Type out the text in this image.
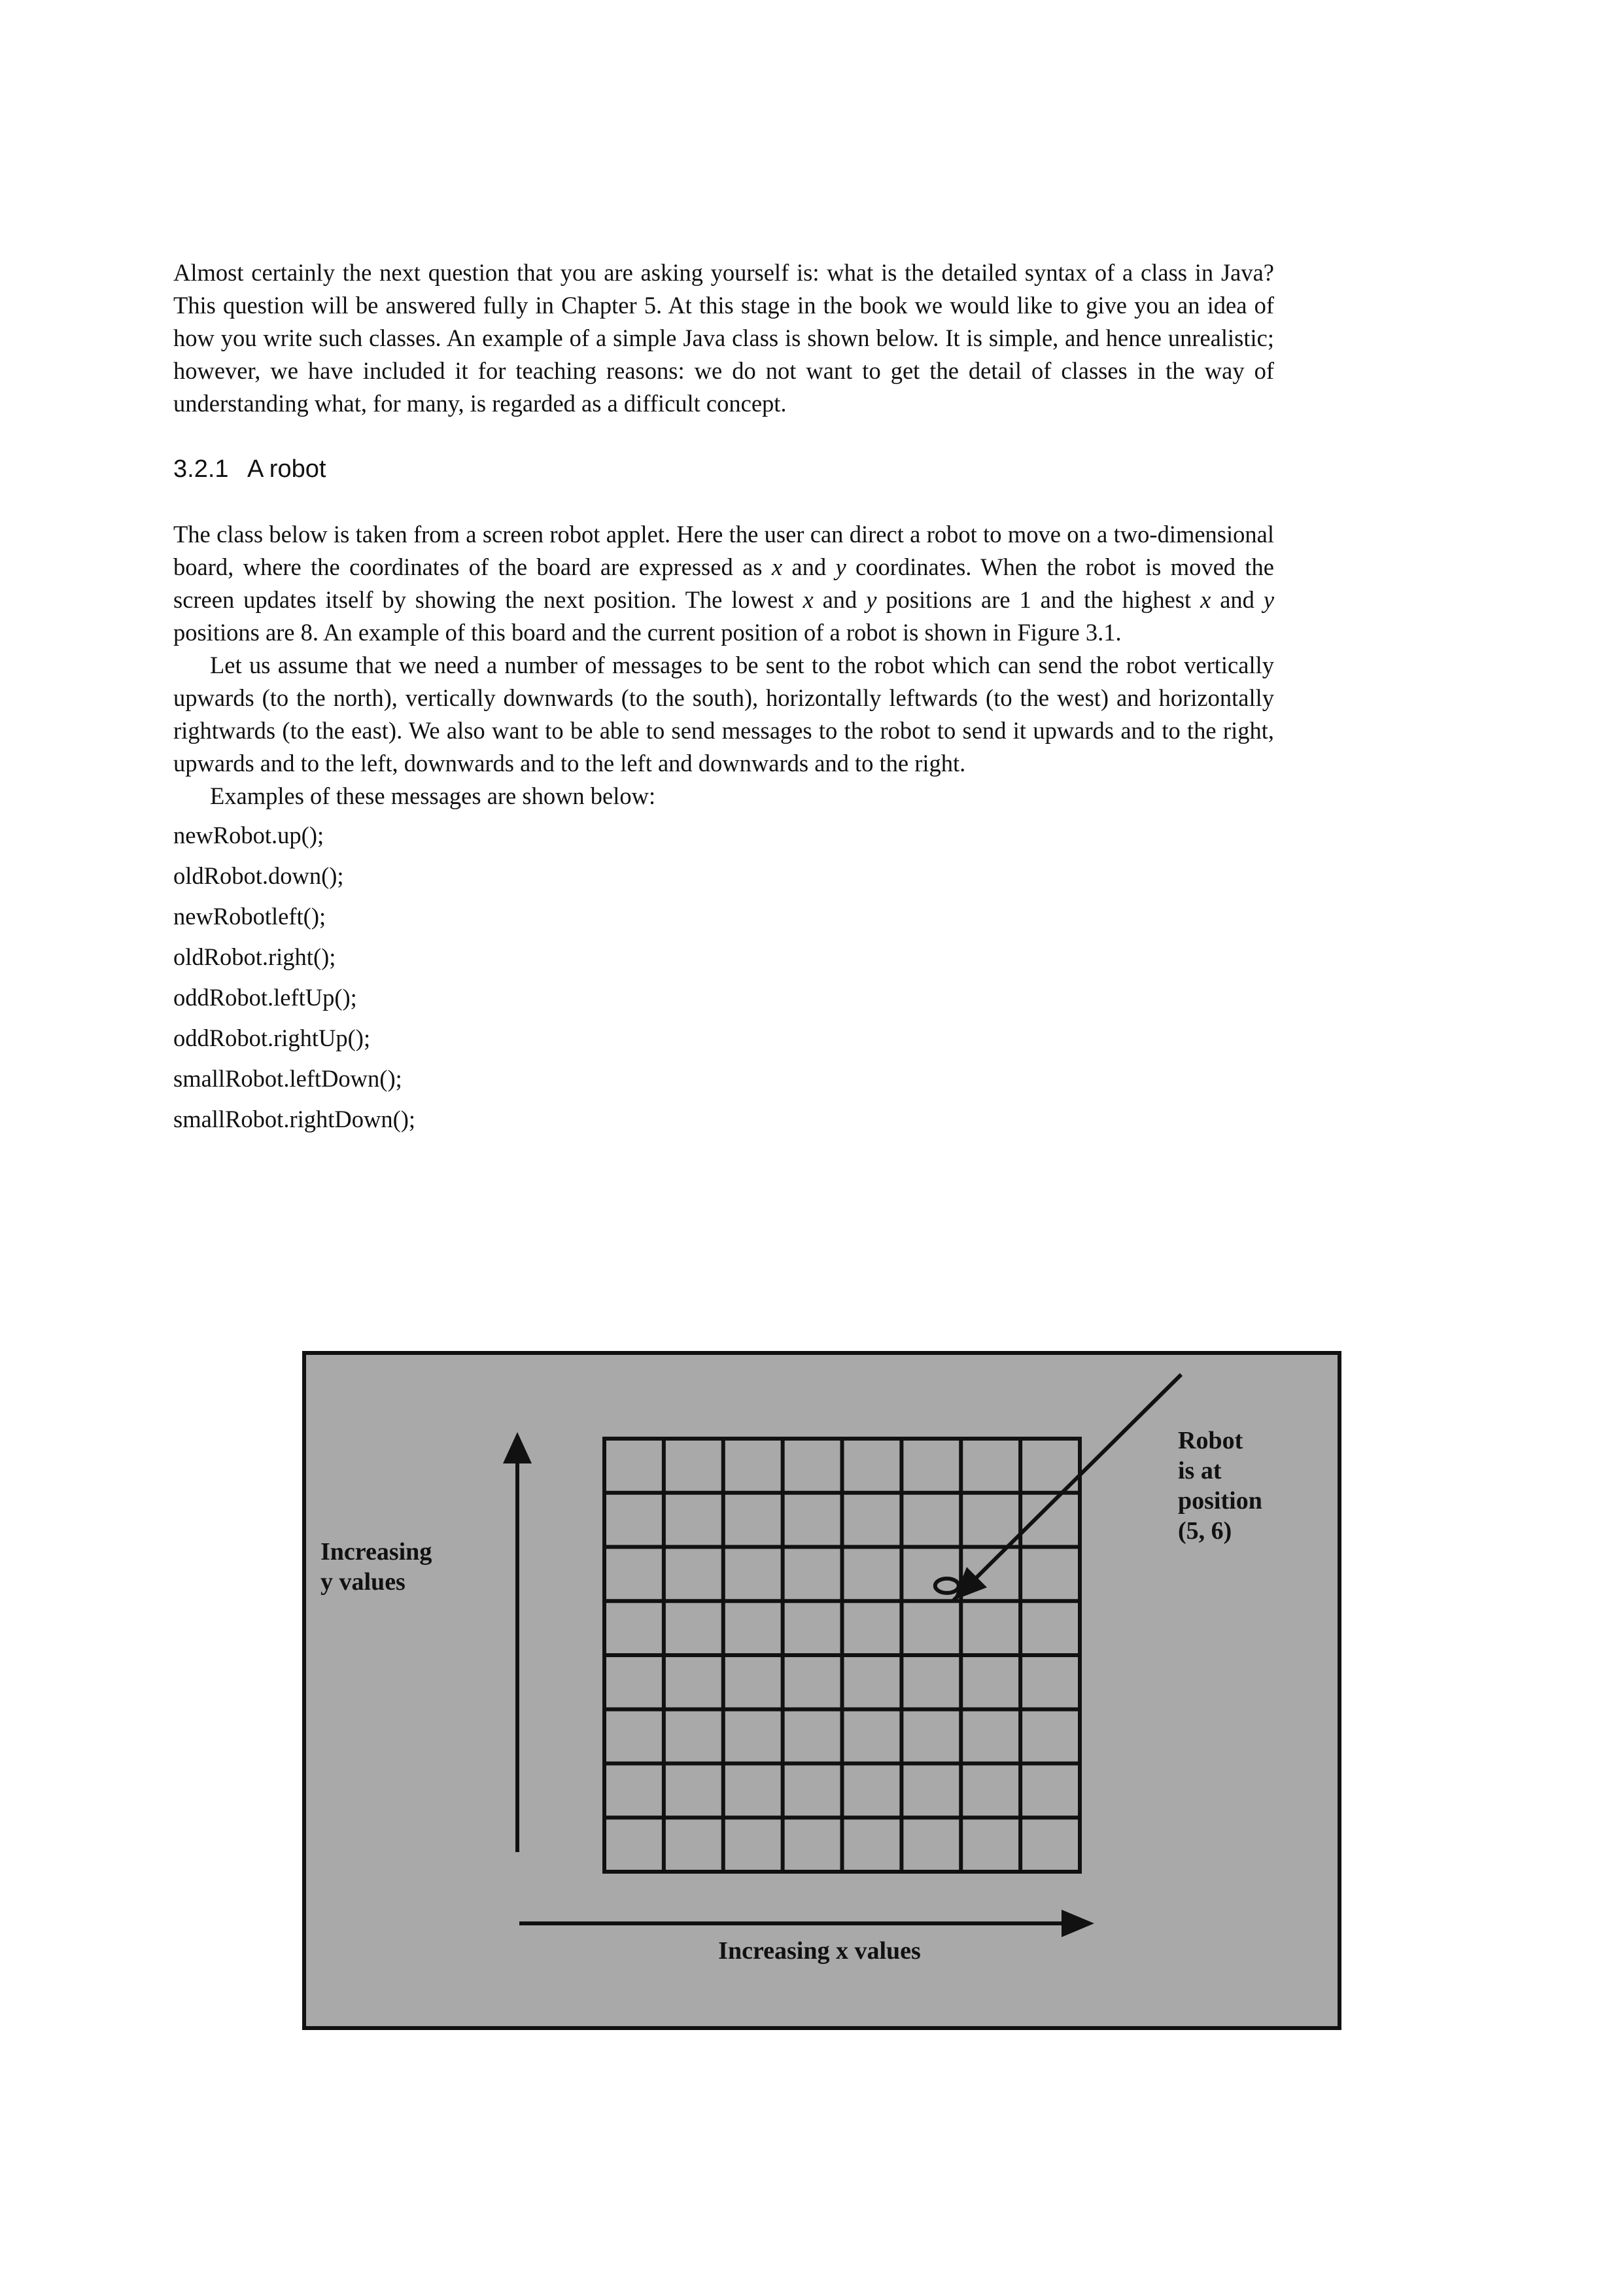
Almost certainly the next question that you are asking yourself is: what is the detailed syntax of a class in Java? This question will be answered fully in Chapter 5. At this stage in the book we would like to give you an idea of how you write such classes. An example of a simple Java class is shown below. It is simple, and hence unrealistic; however, we have included it for teaching reasons: we do not want to get the detail of classes in the way of understanding what, for many, is regarded as a difficult concept.

3.2.1 A robot

The class below is taken from a screen robot applet. Here the user can direct a robot to move on a two-dimensional board, where the coordinates of the board are expressed as x and y coordinates. When the robot is moved the screen updates itself by showing the next position. The lowest x and y positions are 1 and the highest x and y positions are 8. An example of this board and the current position of a robot is shown in Figure 3.1.

Let us assume that we need a number of messages to be sent to the robot which can send the robot vertically upwards (to the north), vertically downwards (to the south), horizontally leftwards (to the west) and horizontally rightwards (to the east). We also want to be able to send messages to the robot to send it upwards and to the right, upwards and to the left, downwards and to the left and downwards and to the right.

Examples of these messages are shown below:

newRobot.up();

oldRobot.down();

newRobotleft();

oldRobot.right();

oddRobot.leftUp();

oddRobot.rightUp();

smallRobot.leftDown();

smallRobot.rightDown();

Increasing
y values
Increasing x values
Robot
is at
position
(5, 6)
